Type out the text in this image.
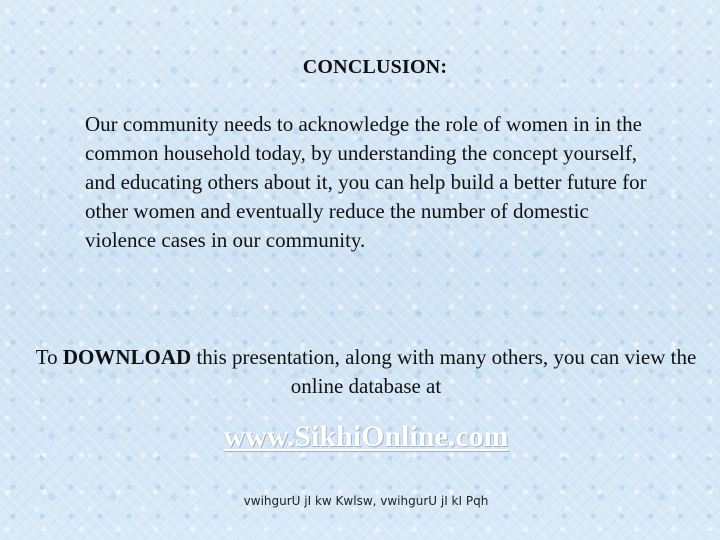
CONCLUSION:

Our community needs to acknowledge the role of women in in the common household today, by understanding the concept yourself, and educating others about it, you can help build a better future for other women and eventually reduce the number of domestic violence cases in our community.

To DOWNLOAD this presentation, along with many others, you can view the online database at

www.SikhiOnline.com
vwihgurU jI kw Kwlsw, vwihgurU jI kI Pqh
